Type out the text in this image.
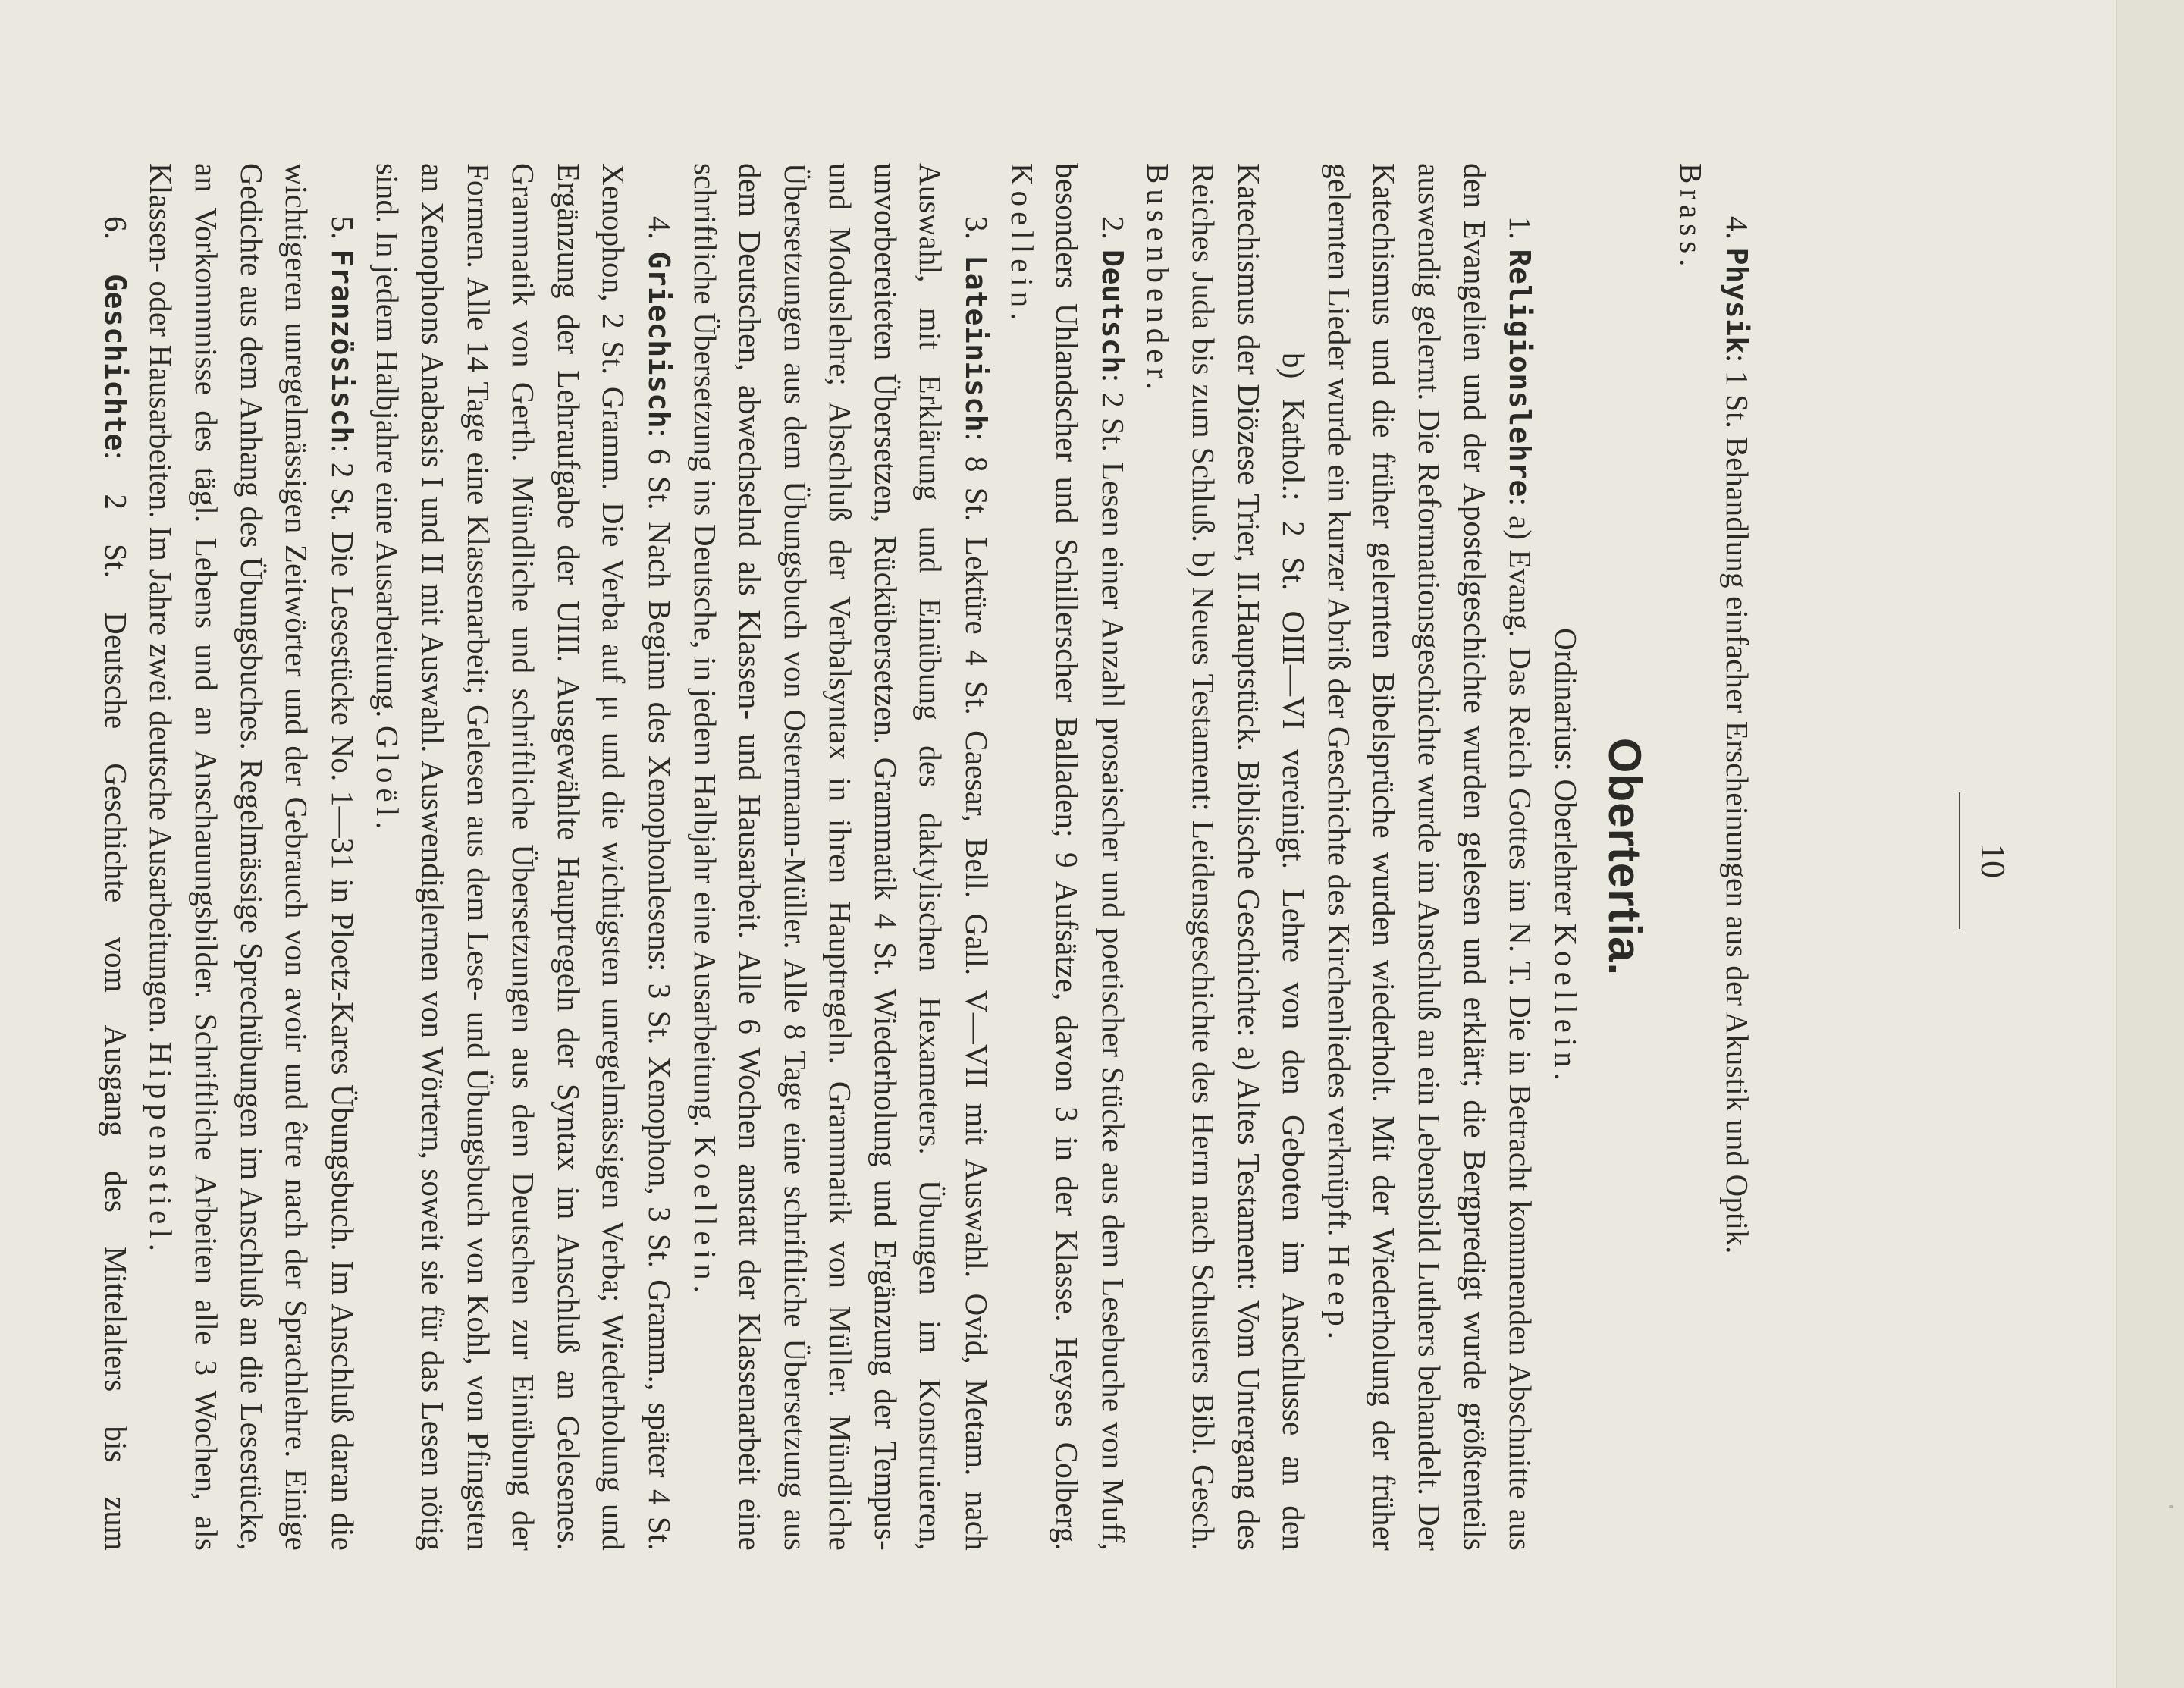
10

4. Physik: 1 St. Behandlung einfacher Erscheinungen aus der Akustik und Optik.

Brass.

Obertertia.

Ordinarius: Oberlehrer Koellein.

1. Religionslehre: a) Evang. Das Reich Gottes im N. T. Die in Betracht kommenden Abschnitte aus den Evangelien und der Apostelgeschichte wurden gelesen und erklärt; die Bergpredigt wurde größtenteils auswendig gelernt. Die Reformationsgeschichte wurde im Anschluß an ein Lebensbild Luthers behandelt. Der Katechismus und die früher gelernten Bibelsprüche wurden wiederholt. Mit der Wiederholung der früher gelernten Lieder wurde ein kurzer Abriß der Geschichte des Kirchenliedes verknüpft. Heep.

b) Kathol.: 2 St. OIII—VI vereinigt. Lehre von den Geboten im Anschlusse an den Katechismus der Diözese Trier, II.Hauptstück. Biblische Geschichte: a) Altes Testament: Vom Untergang des Reiches Juda bis zum Schluß. b) Neues Testament: Leidensgeschichte des Herrn nach Schusters Bibl. Gesch. Busenbender.

2. Deutsch: 2 St. Lesen einer Anzahl prosaischer und poetischer Stücke aus dem Lesebuche von Muff, besonders Uhlandscher und Schillerscher Balladen; 9 Aufsätze, davon 3 in der Klasse. Heyses Colberg. Koellein.

3. Lateinisch: 8 St. Lektüre 4 St. Caesar, Bell. Gall. V—VII mit Auswahl. Ovid, Metam. nach Auswahl, mit Erklärung und Einübung des daktylischen Hexameters. Übungen im Konstruieren, unvorbereiteten Übersetzen, Rückübersetzen. Grammatik 4 St. Wiederholung und Ergänzung der Tempus- und Moduslehre; Abschluß der Verbalsyntax in ihren Hauptregeln. Grammatik von Müller. Mündliche Übersetzungen aus dem Übungsbuch von Ostermann-Müller. Alle 8 Tage eine schriftliche Übersetzung aus dem Deutschen, abwechselnd als Klassen- und Hausarbeit. Alle 6 Wochen anstatt der Klassenarbeit eine schriftliche Übersetzung ins Deutsche, in jedem Halbjahr eine Ausarbeitung. Koellein.

4. Griechisch: 6 St. Nach Beginn des Xenophonlesens: 3 St. Xenophon, 3 St. Gramm., später 4 St. Xenophon, 2 St. Gramm. Die Verba auf μι und die wichtigsten unregelmässigen Verba; Wiederholung und Ergänzung der Lehraufgabe der UIII. Ausgewählte Hauptregeln der Syntax im Anschluß an Gelesenes. Grammatik von Gerth. Mündliche und schriftliche Übersetzungen aus dem Deutschen zur Einübung der Formen. Alle 14 Tage eine Klassenarbeit; Gelesen aus dem Lese- und Übungsbuch von Kohl, von Pfingsten an Xenophons Anabasis I und II mit Auswahl. Auswendiglernen von Wörtern, soweit sie für das Lesen nötig sind. In jedem Halbjahre eine Ausarbeitung. Gloël.

5. Französisch: 2 St. Die Lesestücke No. 1—31 in Ploetz-Kares Übungsbuch. Im Anschluß daran die wichtigeren unregelmässigen Zeitwörter und der Gebrauch von avoir und être nach der Sprachlehre. Einige Gedichte aus dem Anhang des Übungsbuches. Regelmässige Sprechübungen im Anschluß an die Lesestücke, an Vorkommnisse des tägl. Lebens und an Anschauungsbilder. Schriftliche Arbeiten alle 3 Wochen, als Klassen- oder Hausarbeiten. Im Jahre zwei deutsche Ausarbeitungen. Hippenstiel.

6. Geschichte: 2 St. Deutsche Geschichte vom Ausgang des Mittelalters bis zum
